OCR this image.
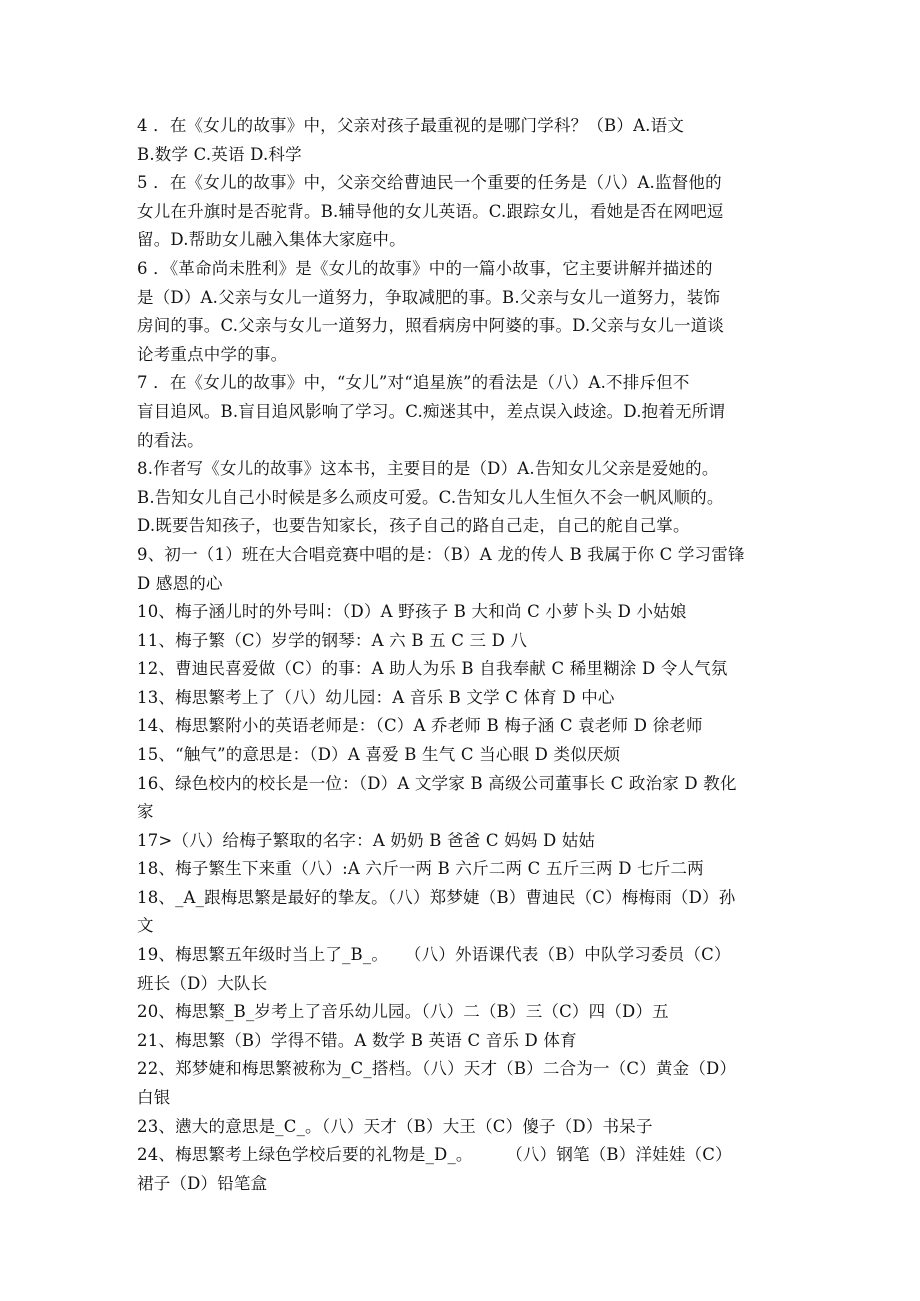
4 ．在《女儿的故事》中，父亲对孩子最重视的是哪门学科？（B）A.语文
B.数学 C.英语 D.科学
5 ．在《女儿的故事》中，父亲交给曹迪民一个重要的任务是（八）A.监督他的
女儿在升旗时是否驼背。B.辅导他的女儿英语。C.跟踪女儿，看她是否在网吧逗
留。D.帮助女儿融入集体大家庭中。
6 ．《革命尚未胜利》是《女儿的故事》中的一篇小故事，它主要讲解并描述的
是（D）A.父亲与女儿一道努力，争取减肥的事。B.父亲与女儿一道努力，装饰
房间的事。C.父亲与女儿一道努力，照看病房中阿婆的事。D.父亲与女儿一道谈
论考重点中学的事。
7 ．在《女儿的故事》中，“女儿”对“追星族”的看法是（八）A.不排斥但不
盲目追风。B.盲目追风影响了学习。C.痴迷其中，差点误入歧途。D.抱着无所谓
的看法。
8.作者写《女儿的故事》这本书，主要目的是（D）A.告知女儿父亲是爱她的。
B.告知女儿自己小时候是多么顽皮可爱。C.告知女儿人生恒久不会一帆风顺的。
D.既要告知孩子，也要告知家长，孩子自己的路自己走，自己的舵自己掌。
9、初一（1）班在大合唱竞赛中唱的是：（B）A 龙的传人 B 我属于你 C 学习雷锋
D 感恩的心
10、梅子涵儿时的外号叫：（D）A 野孩子 B 大和尚 C 小萝卜头 D 小姑娘
11、梅子繁（C）岁学的钢琴：A 六 B 五 C 三 D 八
12、曹迪民喜爱做（C）的事：A 助人为乐 B 自我奉献 C 稀里糊涂 D 令人气氛
13、梅思繁考上了（八）幼儿园：A 音乐 B 文学 C 体育 D 中心
14、梅思繁附小的英语老师是：（C）A 乔老师 B 梅子涵 C 袁老师 D 徐老师
15、“触气”的意思是：（D）A 喜爱 B 生气 C 当心眼 D 类似厌烦
16、绿色校内的校长是一位：（D）A 文学家 B 高级公司董事长 C 政治家 D 教化
家
17>（八）给梅子繁取的名字：A 奶奶 B 爸爸 C 妈妈 D 姑姑
18、梅子繁生下来重（八）:A 六斤一两 B 六斤二两 C 五斤三两 D 七斤二两
18、_A_跟梅思繁是最好的挚友。（八）郑梦婕（B）曹迪民（C）梅梅雨（D）孙
文
19、梅思繁五年级时当上了_B_。　　（八）外语课代表（B）中队学习委员（C）
班长（D）大队长
20、梅思繁_B_岁考上了音乐幼儿园。（八）二（B）三（C）四（D）五
21、梅思繁（B）学得不错。A 数学 B 英语 C 音乐 D 体育
22、郑梦婕和梅思繁被称为_C_搭档。（八）天才（B）二合为一（C）黄金（D）
白银
23、懑大的意思是_C_。（八）天才（B）大王（C）傻子（D）书呆子
24、梅思繁考上绿色学校后要的礼物是_D_。　　　（八）钢笔（B）洋娃娃（C）
裙子（D）铅笔盒
